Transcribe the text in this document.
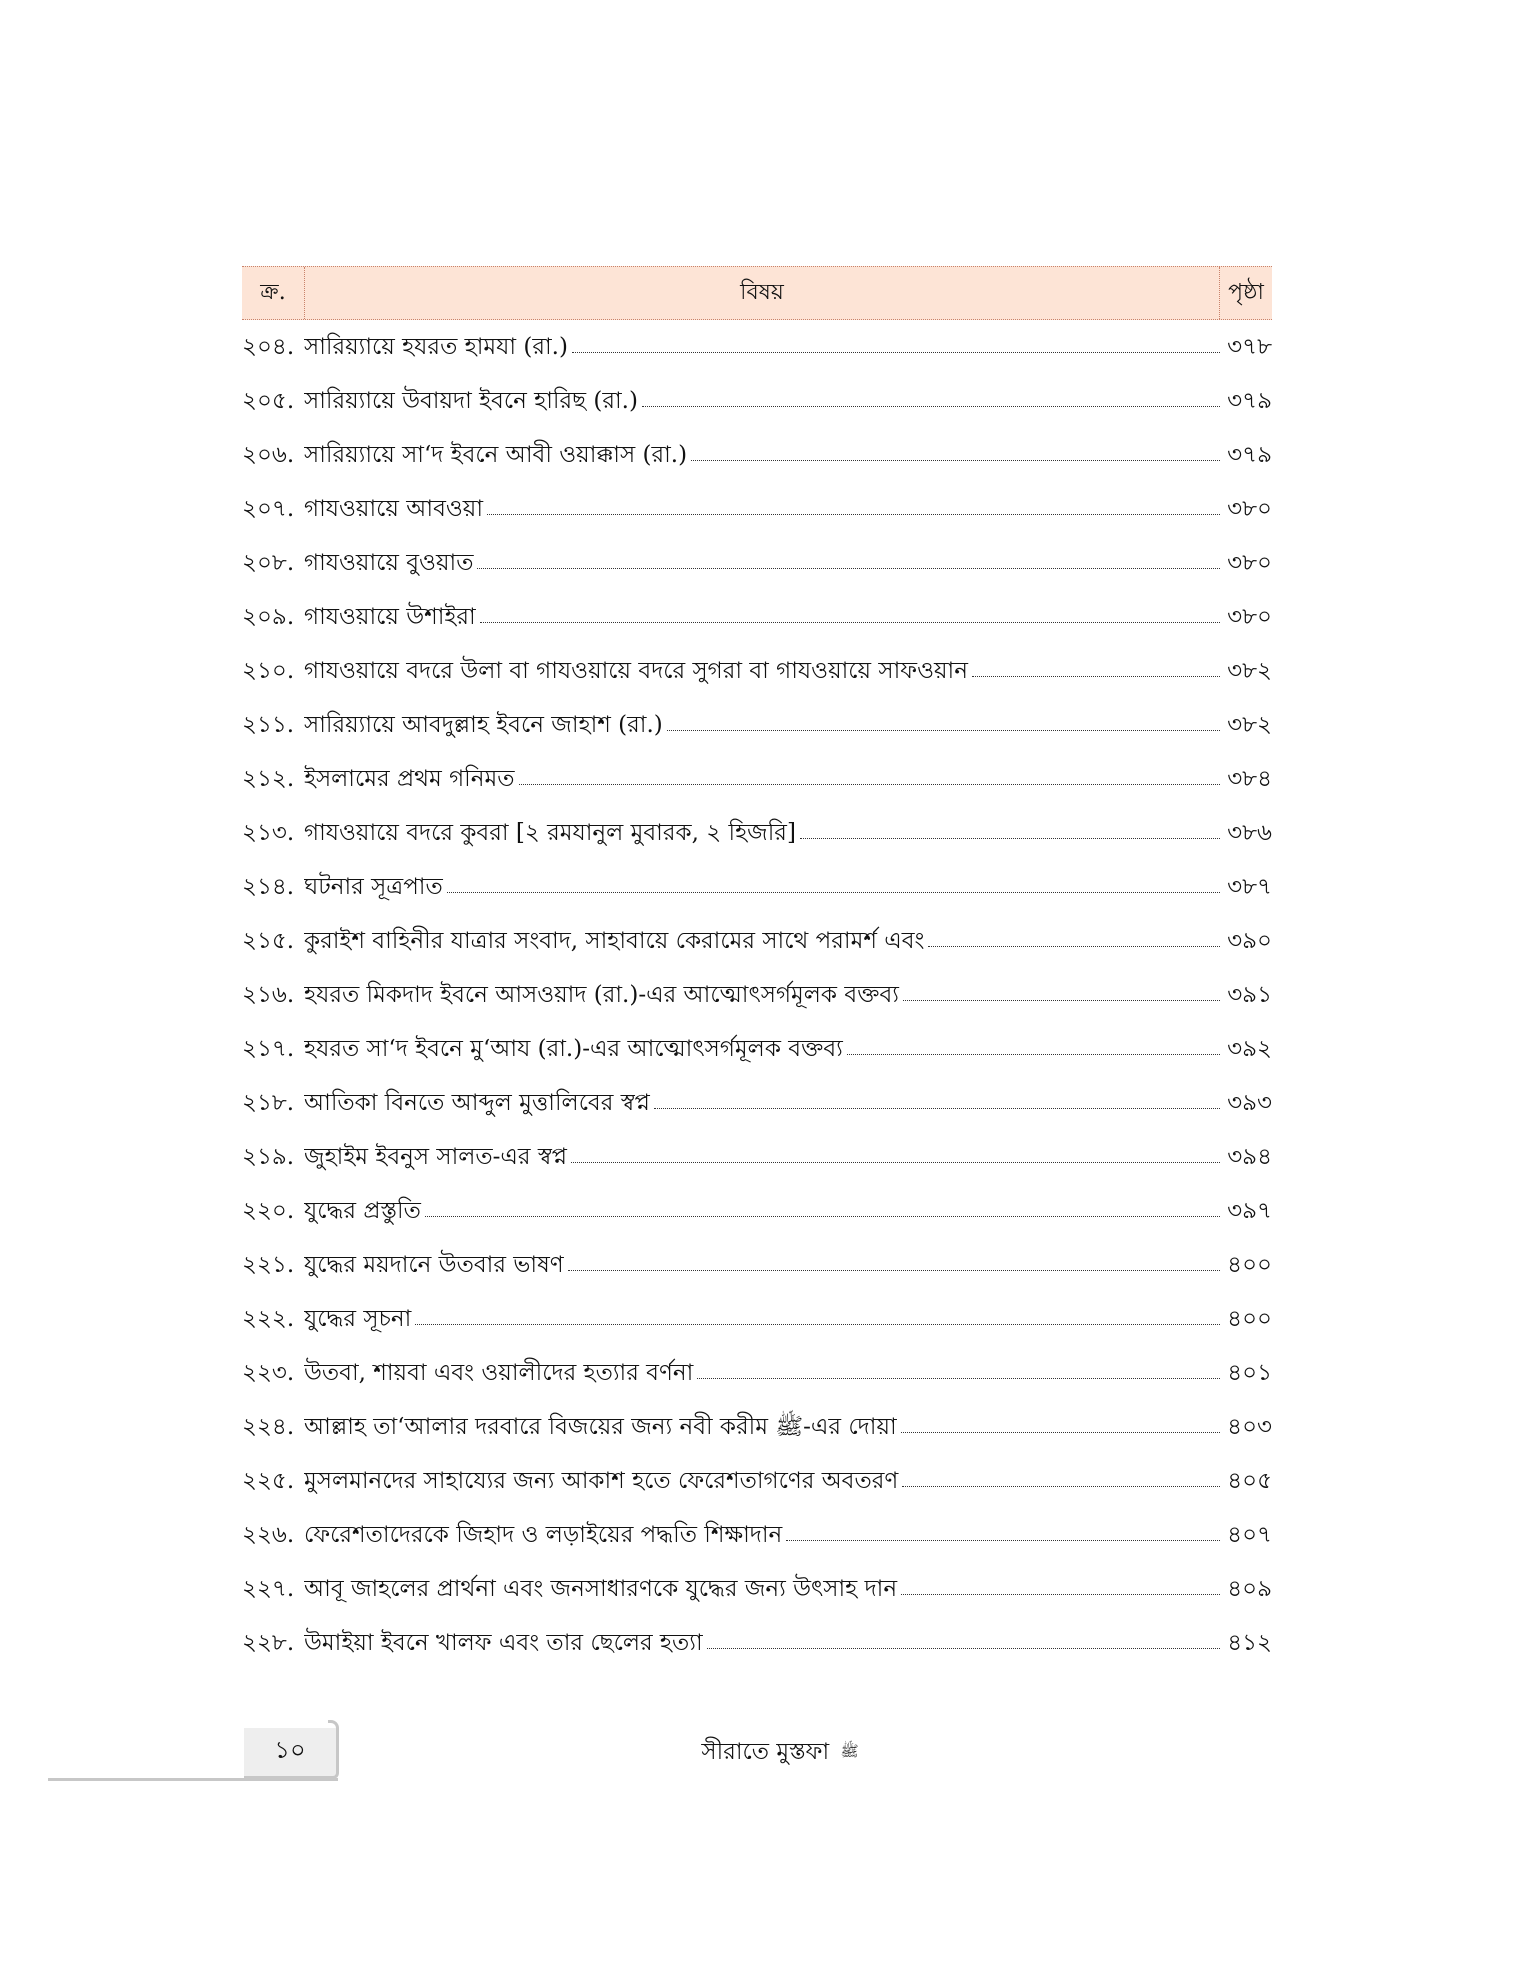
ক্র.	বিষয়	পৃষ্ঠা
২০৪. সারিয়্যায়ে হযরত হামযা (রা.)	৩৭৮
২০৫. সারিয়্যায়ে উবায়দা ইবনে হারিছ (রা.)	৩৭৯
২০৬. সারিয়্যায়ে সা‘দ ইবনে আবী ওয়াক্কাস (রা.)	৩৭৯
২০৭. গাযওয়ায়ে আবওয়া	৩৮০
২০৮. গাযওয়ায়ে বুওয়াত	৩৮০
২০৯. গাযওয়ায়ে উশাইরা	৩৮০
২১০. গাযওয়ায়ে বদরে উলা বা গাযওয়ায়ে বদরে সুগরা বা গাযওয়ায়ে সাফওয়ান	৩৮২
২১১. সারিয়্যায়ে আবদুল্লাহ ইবনে জাহাশ (রা.)	৩৮২
২১২. ইসলামের প্রথম গনিমত	৩৮৪
২১৩. গাযওয়ায়ে বদরে কুবরা [২ রমযানুল মুবারক, ২ হিজরি]	৩৮৬
২১৪. ঘটনার সূত্রপাত	৩৮৭
২১৫. কুরাইশ বাহিনীর যাত্রার সংবাদ, সাহাবায়ে কেরামের সাথে পরামর্শ এবং	৩৯০
২১৬. হযরত মিকদাদ ইবনে আসওয়াদ (রা.)-এর আত্মোৎসর্গমূলক বক্তব্য	৩৯১
২১৭. হযরত সা‘দ ইবনে মু‘আয (রা.)-এর আত্মোৎসর্গমূলক বক্তব্য	৩৯২
২১৮. আতিকা বিনতে আব্দুল মুত্তালিবের স্বপ্ন	৩৯৩
২১৯. জুহাইম ইবনুস সালত-এর স্বপ্ন	৩৯৪
২২০. যুদ্ধের প্রস্তুতি	৩৯৭
২২১. যুদ্ধের ময়দানে উতবার ভাষণ	৪০০
২২২. যুদ্ধের সূচনা	৪০০
২২৩. উতবা, শায়বা এবং ওয়ালীদের হত্যার বর্ণনা	৪০১
২২৪. আল্লাহ তা‘আলার দরবারে বিজয়ের জন্য নবী করীম ﷺ-এর দোয়া	৪০৩
২২৫. মুসলমানদের সাহায্যের জন্য আকাশ হতে ফেরেশতাগণের অবতরণ	৪০৫
২২৬. ফেরেশতাদেরকে জিহাদ ও লড়াইয়ের পদ্ধতি শিক্ষাদান	৪০৭
২২৭. আবূ জাহলের প্রার্থনা এবং জনসাধারণকে যুদ্ধের জন্য উৎসাহ দান	৪০৯
২২৮. উমাইয়া ইবনে খালফ এবং তার ছেলের হত্যা	৪১২
১০	সীরাতে মুস্তফা ﷺ
